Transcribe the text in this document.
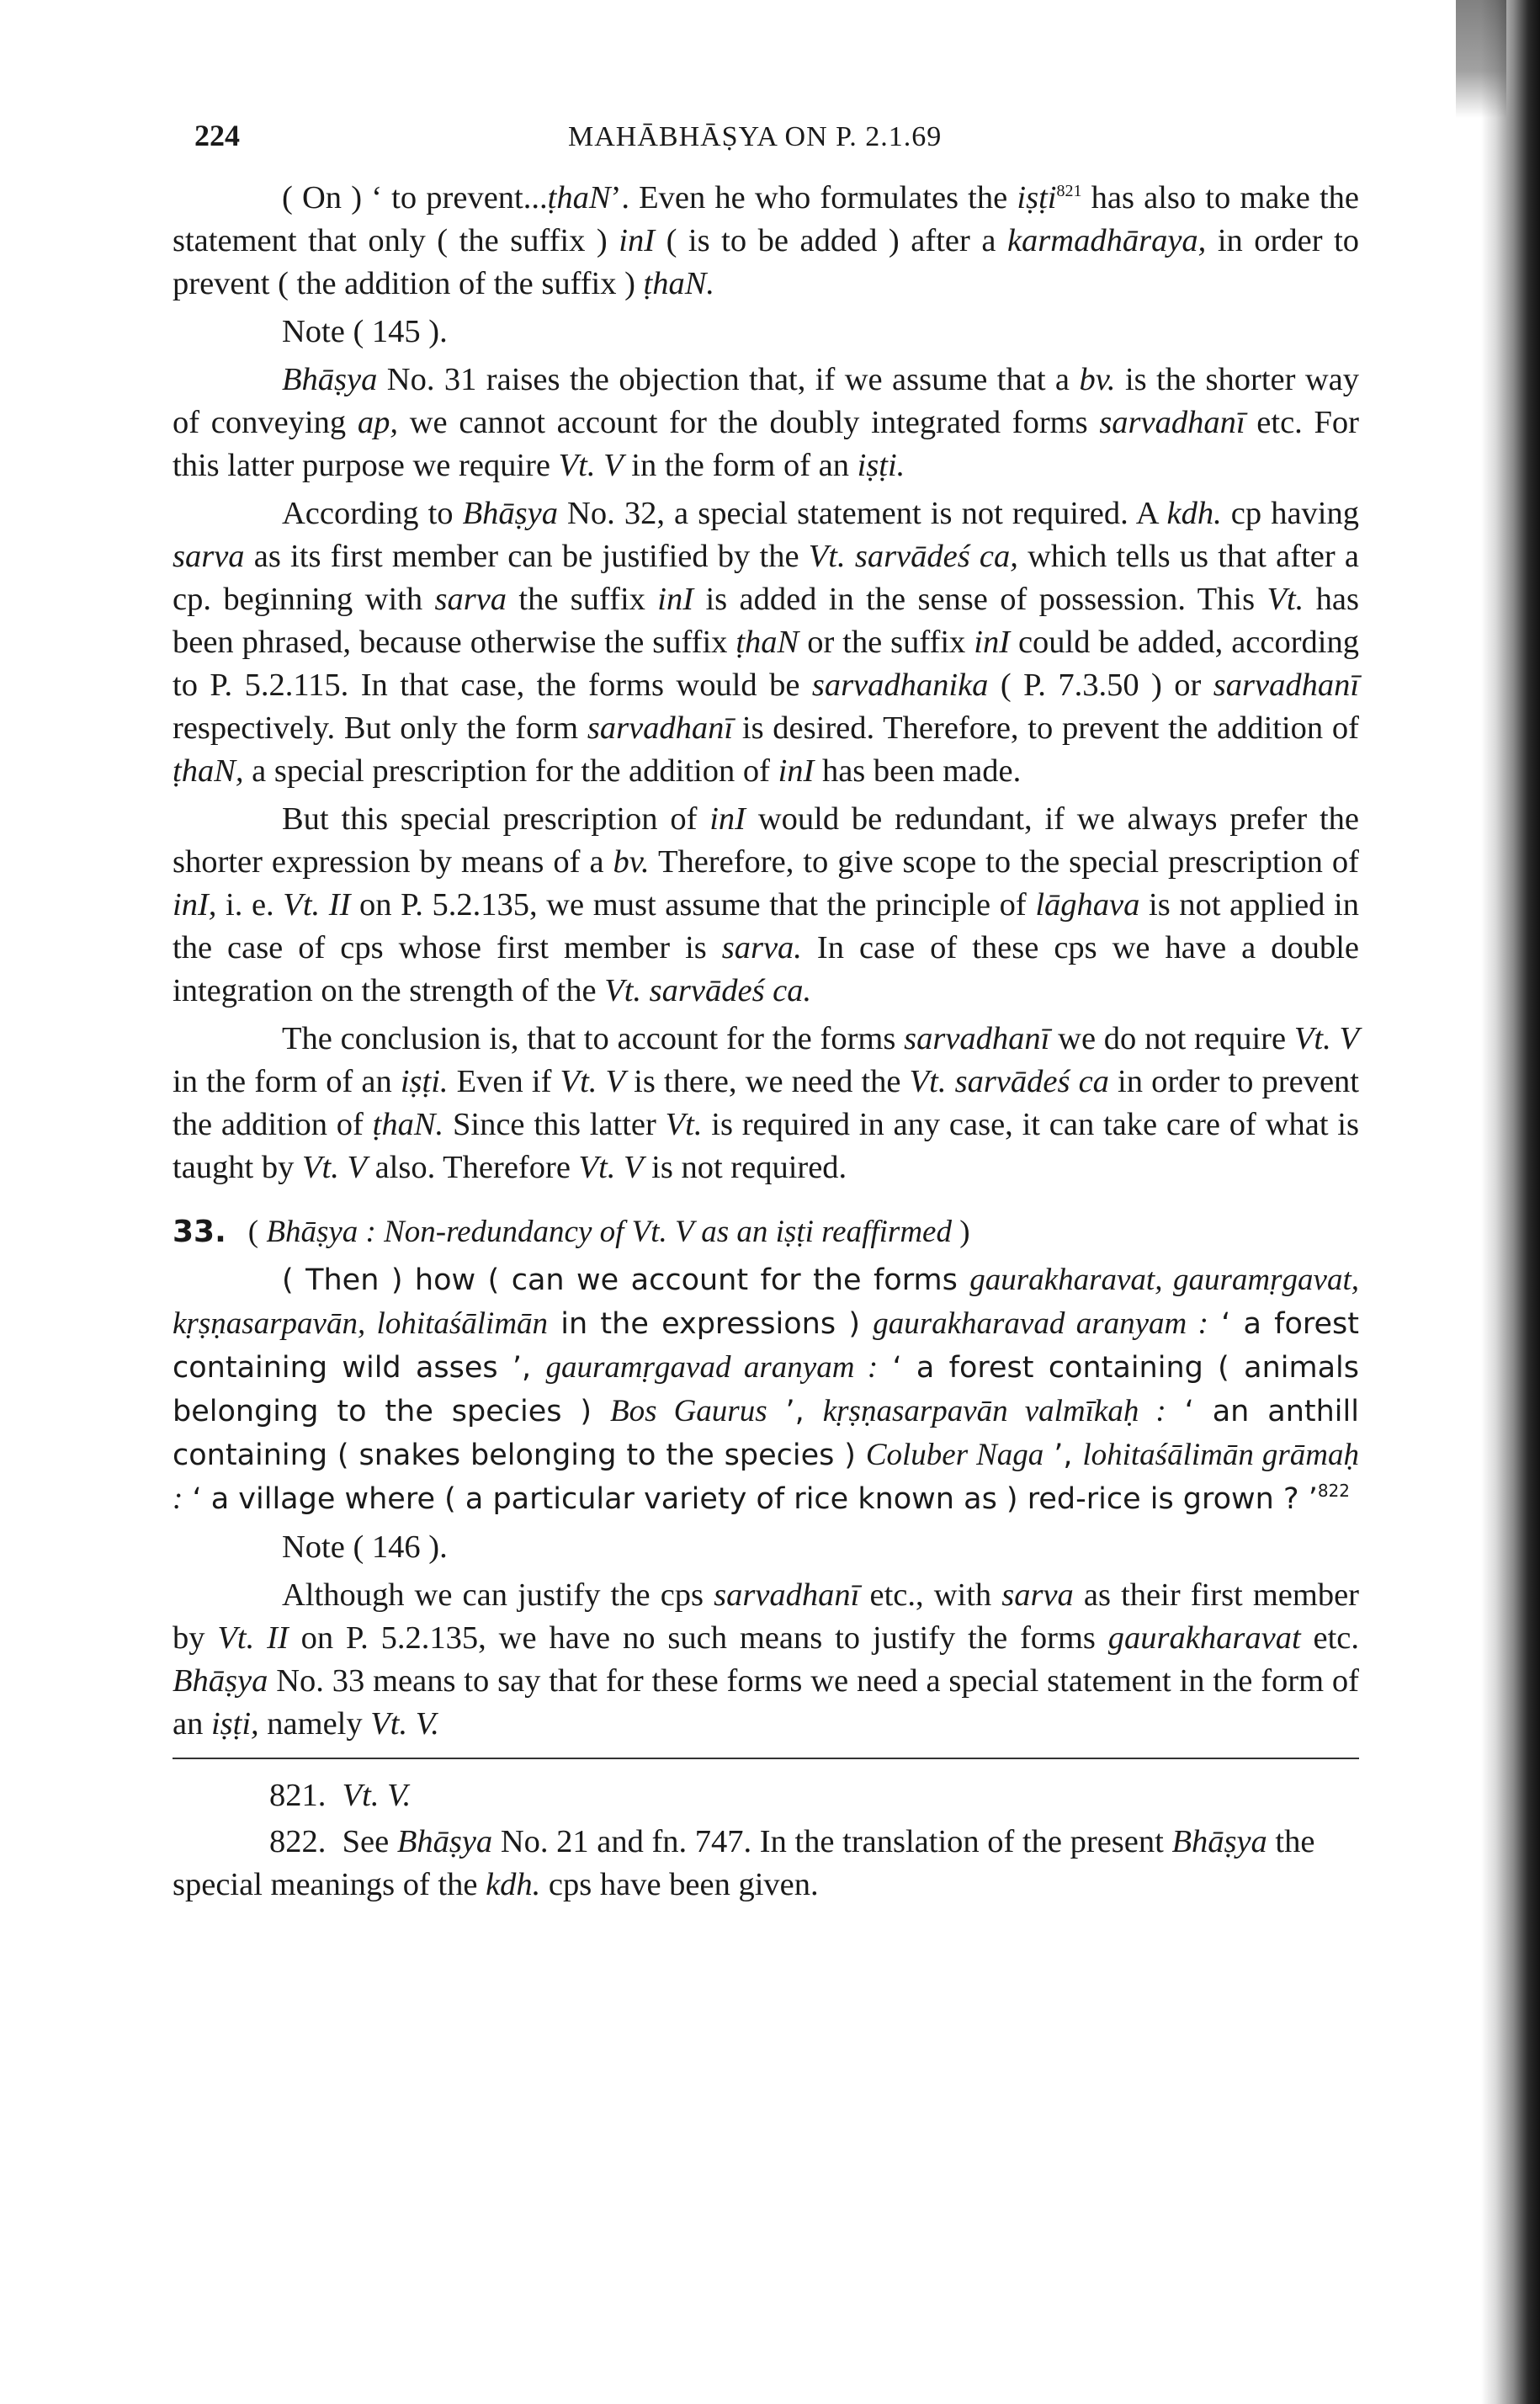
224	MAHĀBHĀṢYA ON P. 2.1.69

( On ) ‘ to prevent...ṭhaN’. Even he who formulates the iṣṭi$^{821}$ has also to make the statement that only ( the suffix ) inI ( is to be added ) after a karmadhāraya, in order to prevent ( the addition of the suffix ) ṭhaN.

Note ( 145 ).

Bhāṣya No. 31 raises the objection that, if we assume that a bv. is the shorter way of conveying ap, we cannot account for the doubly integrated forms sarvadhanī etc. For this latter purpose we require Vt. V in the form of an iṣṭi.

According to Bhāṣya No. 32, a special statement is not required. A kdh. cp having sarva as its first member can be justified by the Vt. sarvādeś ca, which tells us that after a cp. beginning with sarva the suffix inI is added in the sense of possession. This Vt. has been phrased, because otherwise the suffix ṭhaN or the suffix inI could be added, according to P. 5.2.115. In that case, the forms would be sarvadhanika ( P. 7.3.50 ) or sarvadhanī respectively. But only the form sarvadhanī is desired. Therefore, to prevent the addition of ṭhaN, a special prescription for the addition of inI has been made.

But this special prescription of inI would be redundant, if we always prefer the shorter expression by means of a bv. Therefore, to give scope to the special prescription of inI, i. e. Vt. II on P. 5.2.135, we must assume that the principle of lāghava is not applied in the case of cps whose first member is sarva. In case of these cps we have a double integration on the strength of the Vt. sarvādeś ca.

The conclusion is, that to account for the forms sarvadhanī we do not require Vt. V in the form of an iṣṭi. Even if Vt. V is there, we need the Vt. sarvādeś ca in order to prevent the addition of ṭhaN. Since this latter Vt. is required in any case, it can take care of what is taught by Vt. V also. Therefore Vt. V is not required.

33. ( Bhāṣya : Non-redundancy of Vt. V as an iṣṭi reaffirmed )

( Then ) how ( can we account for the forms gaurakharavat, gauramṛgavat, kṛṣṇasarpavān, lohitaśālimān in the expressions ) gaurakharavad aranyam : ‘ a forest containing wild asses ’, gauramṛgavad aranyam : ‘ a forest containing ( animals belonging to the species ) Bos Gaurus ’, kṛṣṇasarpavān valmīkaḥ : ‘ an anthill containing ( snakes belonging to the species ) Coluber Naga ’, lohitaśālimān grāmaḥ : ‘ a village where ( a particular variety of rice known as ) red-rice is grown ? ’$^{822}$

Note ( 146 ).

Although we can justify the cps sarvadhanī etc., with sarva as their first member by Vt. II on P. 5.2.135, we have no such means to justify the forms gaurakharavat etc. Bhāṣya No. 33 means to say that for these forms we need a special statement in the form of an iṣṭi, namely Vt. V.

821. Vt. V.

822. See Bhāṣya No. 21 and fn. 747. In the translation of the present Bhāṣya the special meanings of the kdh. cps have been given.
